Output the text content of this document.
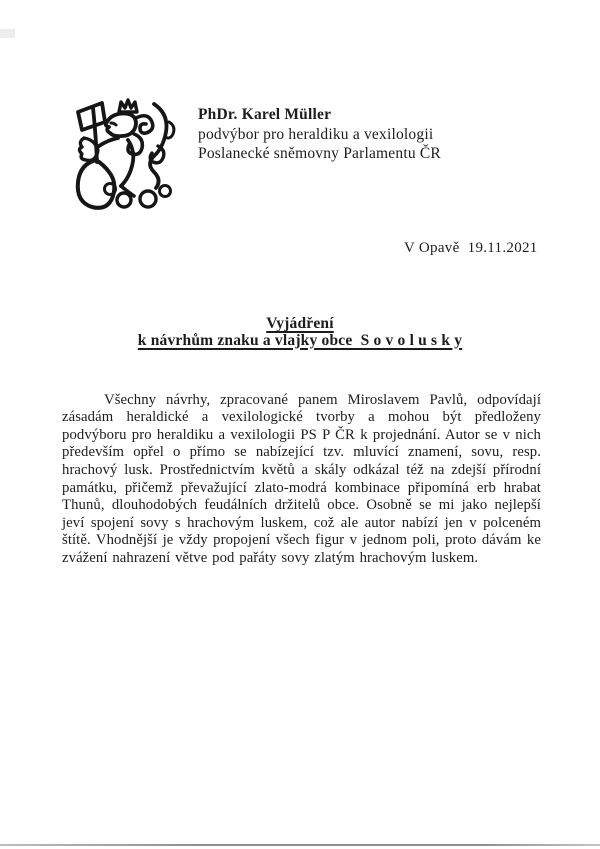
PhDr. Karel Müller
podvýbor pro heraldiku a vexilologii
Poslanecké sněmovny Parlamentu ČR
V Opavě  19.11.2021
Vyjádření
k návrhům znaku a vlajky obce  S o v o l u s k y

Všechny návrhy, zpracované panem Miroslavem Pavlů, odpovídají zásadám heraldické a vexilologické tvorby a mohou být předloženy podvýboru pro heraldiku a vexilologii PS P ČR k projednání. Autor se v nich především opřel o přímo se nabízející tzv. mluvící znamení, sovu, resp. hrachový lusk. Prostřednictvím květů a skály odkázal též na zdejší přírodní památku, přičemž převažující zlato-modrá kombinace připomíná erb hrabat Thunů, dlouhodobých feudálních držitelů obce. Osobně se mi jako nejlepší jeví spojení sovy s hrachovým luskem, což ale autor nabízí jen v polceném štítě. Vhodnější je vždy propojení všech figur v jednom poli, proto dávám ke zvážení nahrazení větve pod pařáty sovy zlatým hrachovým luskem.
